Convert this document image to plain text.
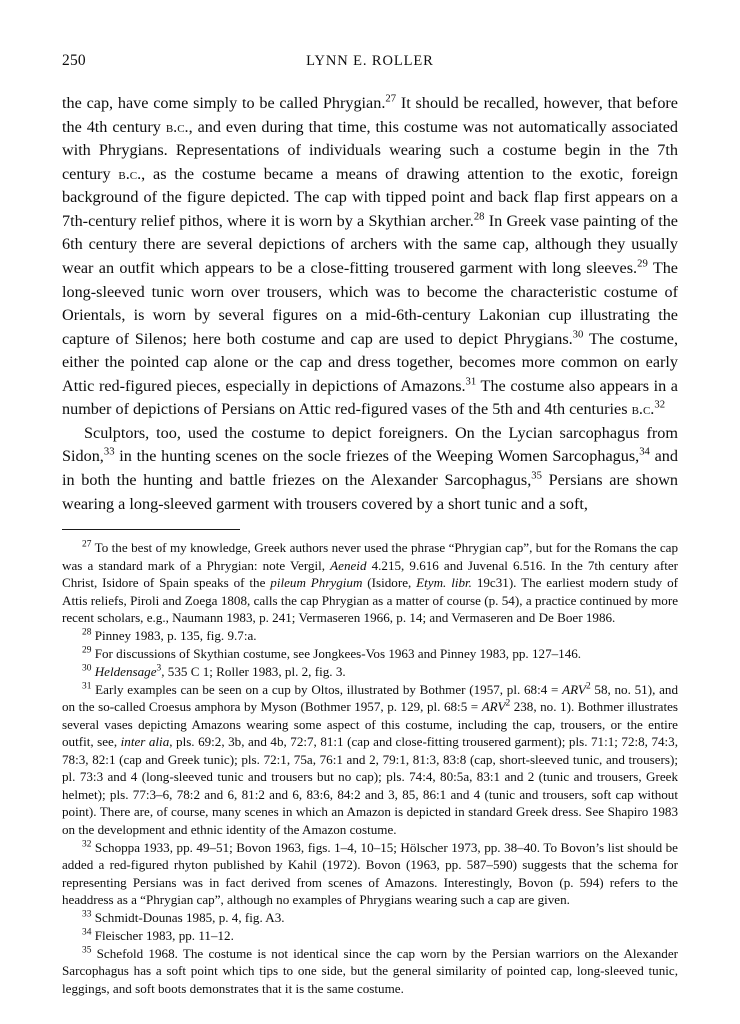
250	LYNN E. ROLLER

the cap, have come simply to be called Phrygian.$^{27}$ It should be recalled, however, that before the 4th century b.c., and even during that time, this costume was not automatically associated with Phrygians. Representations of individuals wearing such a costume begin in the 7th century b.c., as the costume became a means of drawing attention to the exotic, foreign background of the figure depicted. The cap with tipped point and back flap first appears on a 7th-century relief pithos, where it is worn by a Skythian archer.$^{28}$ In Greek vase painting of the 6th century there are several depictions of archers with the same cap, although they usually wear an outfit which appears to be a close-fitting trousered garment with long sleeves.$^{29}$ The long-sleeved tunic worn over trousers, which was to become the characteristic costume of Orientals, is worn by several figures on a mid-6th-century Lakonian cup illustrating the capture of Silenos; here both costume and cap are used to depict Phrygians.$^{30}$ The costume, either the pointed cap alone or the cap and dress together, becomes more common on early Attic red-figured pieces, especially in depictions of Amazons.$^{31}$ The costume also appears in a number of depictions of Persians on Attic red-figured vases of the 5th and 4th centuries b.c.$^{32}$

Sculptors, too, used the costume to depict foreigners. On the Lycian sarcophagus from Sidon,$^{33}$ in the hunting scenes on the socle friezes of the Weeping Women Sarcophagus,$^{34}$ and in both the hunting and battle friezes on the Alexander Sarcophagus,$^{35}$ Persians are shown wearing a long-sleeved garment with trousers covered by a short tunic and a soft,

$^{27}$ To the best of my knowledge, Greek authors never used the phrase “Phrygian cap”, but for the Romans the cap was a standard mark of a Phrygian: note Vergil, Aeneid 4.215, 9.616 and Juvenal 6.516. In the 7th century after Christ, Isidore of Spain speaks of the pileum Phrygium (Isidore, Etym. libr. 19c31). The earliest modern study of Attis reliefs, Piroli and Zoega 1808, calls the cap Phrygian as a matter of course (p. 54), a practice continued by more recent scholars, e.g., Naumann 1983, p. 241; Vermaseren 1966, p. 14; and Vermaseren and De Boer 1986.

$^{28}$ Pinney 1983, p. 135, fig. 9.7:a.

$^{29}$ For discussions of Skythian costume, see Jongkees-Vos 1963 and Pinney 1983, pp. 127–146.

$^{30}$ Heldensage$^3$, 535 C 1; Roller 1983, pl. 2, fig. 3.

$^{31}$ Early examples can be seen on a cup by Oltos, illustrated by Bothmer (1957, pl. 68:4 = $ARV^2$ 58, no. 51), and on the so-called Croesus amphora by Myson (Bothmer 1957, p. 129, pl. 68:5 = $ARV^2$ 238, no. 1). Bothmer illustrates several vases depicting Amazons wearing some aspect of this costume, including the cap, trousers, or the entire outfit, see, inter alia, pls. 69:2, 3b, and 4b, 72:7, 81:1 (cap and close-fitting trousered garment); pls. 71:1; 72:8, 74:3, 78:3, 82:1 (cap and Greek tunic); pls. 72:1, 75a, 76:1 and 2, 79:1, 81:3, 83:8 (cap, short-sleeved tunic, and trousers); pl. 73:3 and 4 (long-sleeved tunic and trousers but no cap); pls. 74:4, 80:5a, 83:1 and 2 (tunic and trousers, Greek helmet); pls. 77:3–6, 78:2 and 6, 81:2 and 6, 83:6, 84:2 and 3, 85, 86:1 and 4 (tunic and trousers, soft cap without point). There are, of course, many scenes in which an Amazon is depicted in standard Greek dress. See Shapiro 1983 on the development and ethnic identity of the Amazon costume.

$^{32}$ Schoppa 1933, pp. 49–51; Bovon 1963, figs. 1–4, 10–15; Hölscher 1973, pp. 38–40. To Bovon’s list should be added a red-figured rhyton published by Kahil (1972). Bovon (1963, pp. 587–590) suggests that the schema for representing Persians was in fact derived from scenes of Amazons. Interestingly, Bovon (p. 594) refers to the headdress as a “Phrygian cap”, although no examples of Phrygians wearing such a cap are given.

$^{33}$ Schmidt-Dounas 1985, p. 4, fig. A3.

$^{34}$ Fleischer 1983, pp. 11–12.

$^{35}$ Schefold 1968. The costume is not identical since the cap worn by the Persian warriors on the Alexander Sarcophagus has a soft point which tips to one side, but the general similarity of pointed cap, long-sleeved tunic, leggings, and soft boots demonstrates that it is the same costume.
